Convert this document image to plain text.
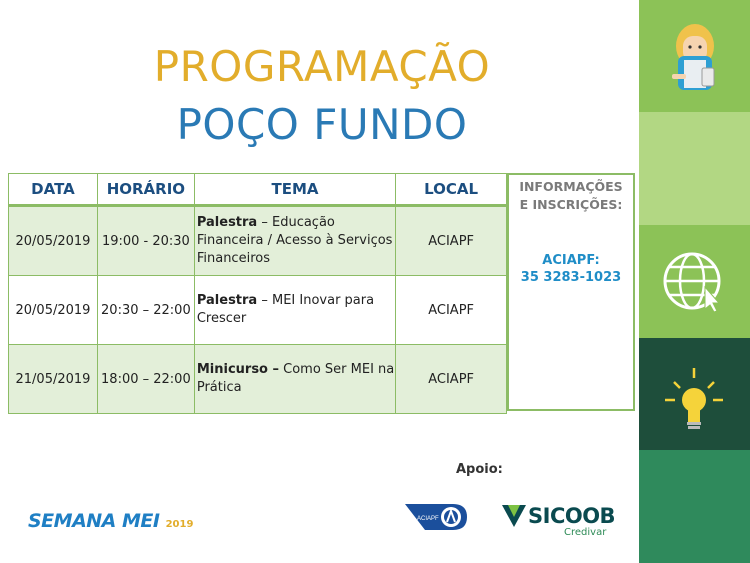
PROGRAMAÇÃO
POÇO FUNDO
DATA	HORÁRIO	TEMA	LOCAL
20/05/2019	19:00 - 20:30	Palestra – Educação Financeira / Acesso à Serviços Financeiros	ACIAPF
20/05/2019	20:30 – 22:00	Palestra – MEI Inovar para Crescer	ACIAPF
21/05/2019	18:00 – 22:00	Minicurso – Como Ser MEI na Prática	ACIAPF
INFORMAÇÕES
E INSCRIÇÕES:
ACIAPF:
35 3283-1023
Realização:
SEBRAE
Apoio:
SEMANA MEI 2019	ACIAPF	SICOOB
Credivar
